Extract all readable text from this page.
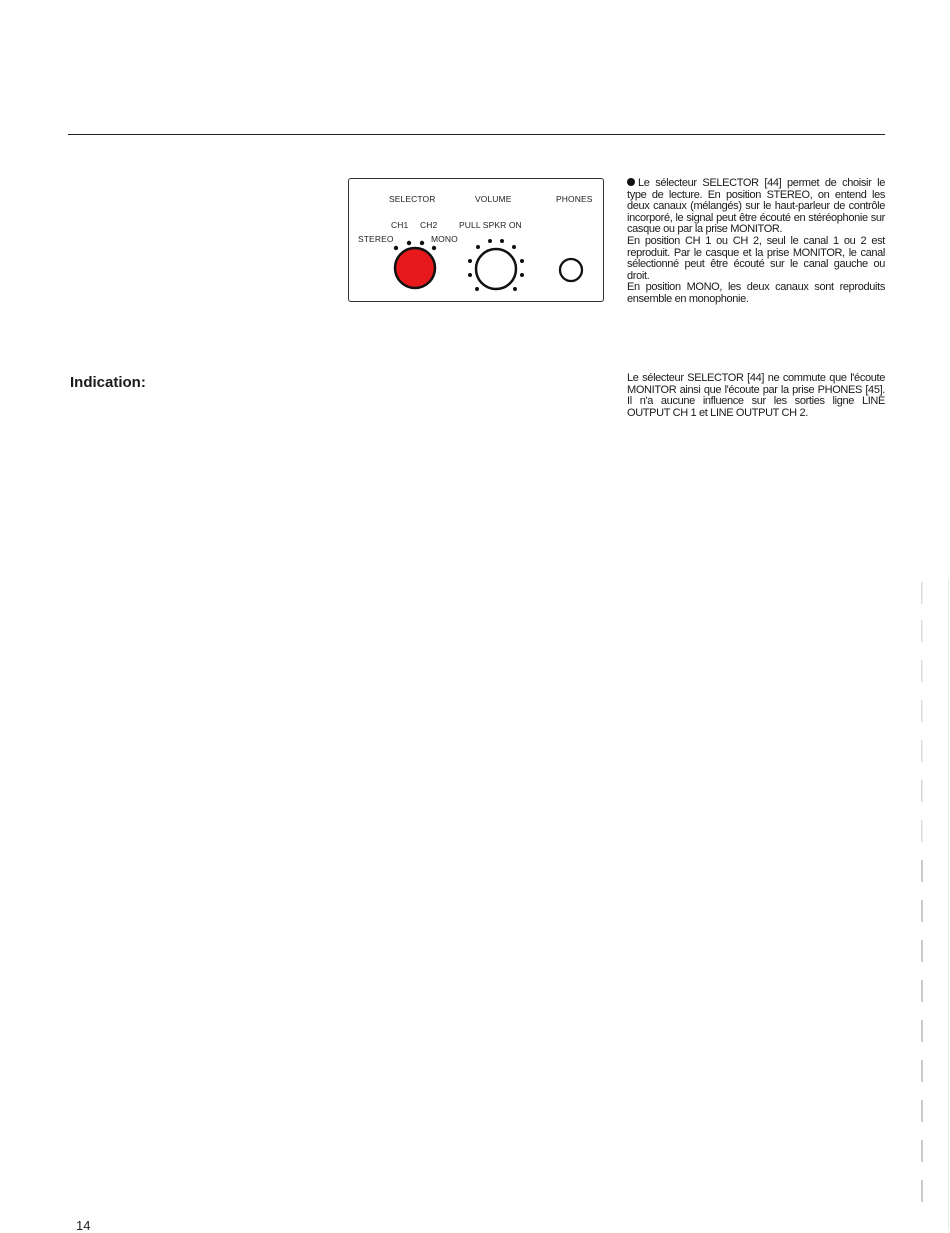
SELECTOR	VOLUME	PHONES
CH1 CH2	PULL SPKR ON
STEREO	MONO

Le sélecteur SELECTOR [44] permet de choisir le type de lecture. En position STEREO, on entend les deux canaux (mélangés) sur le haut-parleur de contrôle incorporé, le signal peut être écouté en stéréophonie sur casque ou par la prise MONITOR.

En position CH 1 ou CH 2, seul le canal 1 ou 2 est reproduit. Par le casque et la prise MONITOR, le canal sélectionné peut être écouté sur le canal gauche ou droit.

En position MONO, les deux canaux sont reproduits ensemble en monophonie.

Indication:	Le sélecteur SELECTOR [44] ne commute que l'écoute MONITOR ainsi que l'écoute par la prise PHONES [45]. Il n'a aucune influence sur les sorties ligne LINE OUTPUT CH 1 et LINE OUTPUT CH 2.

14
